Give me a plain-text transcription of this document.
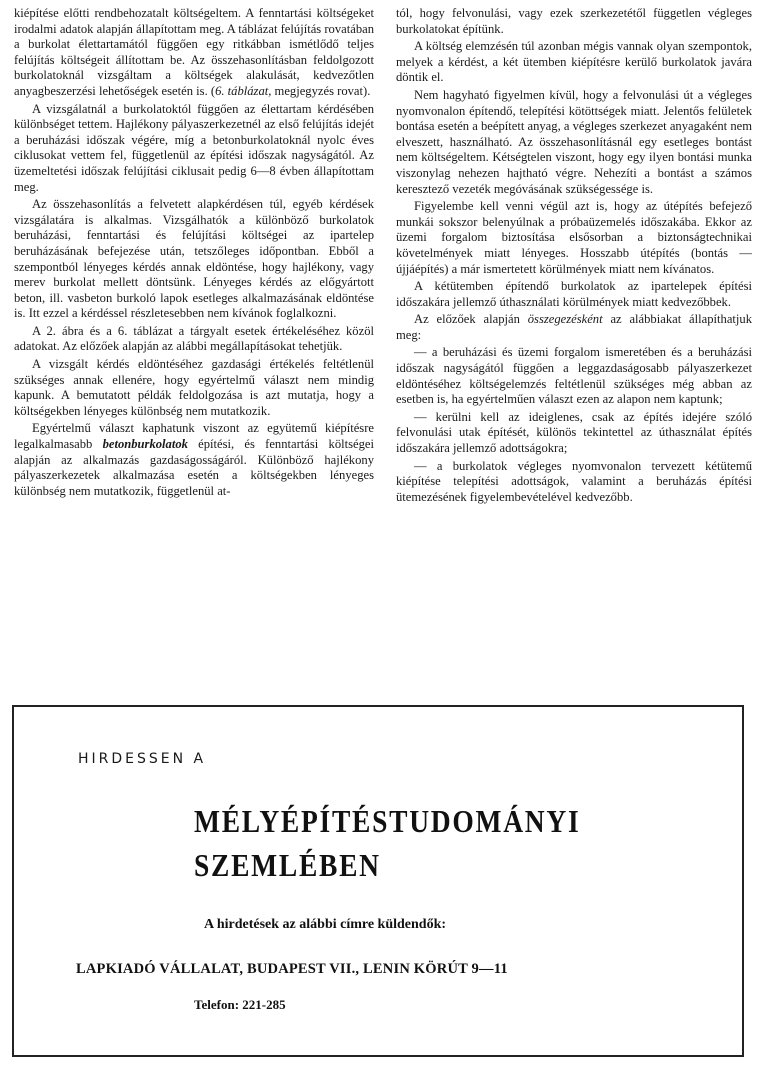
kiépítése előtti rendbehozatalt költségeltem. A fenntartási költségeket irodalmi adatok alapján állapítottam meg. A táblázat felújítás rovatában a burkolat élettartamától függően egy ritkábban ismétlődő teljes felújítás költségeit állítottam be. Az összehasonlításban feldolgozott burkolatoknál vizsgáltam a költségek alakulását, kedvezőtlen anyagbeszerzési lehetőségek esetén is. (6. táblázat, megjegyzés rovat).

A vizsgálatnál a burkolatoktól függően az élettartam kérdésében különbséget tettem. Hajlékony pályaszerkezetnél az első felújítás idejét a beruházási időszak végére, míg a betonburkolatoknál nyolc éves ciklusokat vettem fel, függetlenül az építési időszak nagyságától. Az üzemeltetési időszak felújítási ciklusait pedig 6—8 évben állapítottam meg.

Az összehasonlítás a felvetett alapkérdésen túl, egyéb kérdések vizsgálatára is alkalmas. Vizsgálhatók a különböző burkolatok beruházási, fenntartási és felújítási költségei az ipartelep beruházásának befejezése után, tetszőleges időpontban. Ebből a szempontból lényeges kérdés annak eldöntése, hogy hajlékony, vagy merev burkolat mellett döntsünk. Lényeges kérdés az előgyártott beton, ill. vasbeton burkoló lapok esetleges alkalmazásának eldöntése is. Itt ezzel a kérdéssel részletesebben nem kívánok foglalkozni.

A 2. ábra és a 6. táblázat a tárgyalt esetek értékeléséhez közöl adatokat. Az előzőek alapján az alábbi megállapításokat tehetjük.

A vizsgált kérdés eldöntéséhez gazdasági értékelés feltétlenül szükséges annak ellenére, hogy egyértelmű választ nem mindig kapunk. A bemutatott példák feldolgozása is azt mutatja, hogy a költségekben lényeges különbség nem mutatkozik.

Egyértelmű választ kaphatunk viszont az együtemű kiépítésre legalkalmasabb betonburkolatok építési, és fenntartási költségei alapján az alkalmazás gazdaságosságáról. Különböző hajlékony pályaszerkezetek alkalmazása esetén a költségekben lényeges különbség nem mutatkozik, függetlenül at-

tól, hogy felvonulási, vagy ezek szerkezetétől független végleges burkolatokat építünk.

A költség elemzésén túl azonban mégis vannak olyan szempontok, melyek a kérdést, a két ütemben kiépítésre kerülő burkolatok javára döntik el.

Nem hagyható figyelmen kívül, hogy a felvonulási út a végleges nyomvonalon építendő, telepítési kötöttségek miatt. Jelentős felületek bontása esetén a beépített anyag, a végleges szerkezet anyagaként nem elveszett, használható. Az összehasonlításnál egy esetleges bontást nem költségeltem. Kétségtelen viszont, hogy egy ilyen bontási munka viszonylag nehezen hajtható végre. Nehezíti a bontást a számos keresztező vezeték megóvásának szükségessége is.

Figyelembe kell venni végül azt is, hogy az útépítés befejező munkái sokszor belenyúlnak a próbaüzemelés időszakába. Ekkor az üzemi forgalom biztosítása elsősorban a biztonságtechnikai követelmények miatt lényeges. Hosszabb útépítés (bontás — újjáépítés) a már ismertetett körülmények miatt nem kívánatos.

A kétütemben építendő burkolatok az ipartelepek építési időszakára jellemző úthasználati körülmények miatt kedvezőbbek.

Az előzőek alapján összegezésként az alábbiakat állapíthatjuk meg:

— a beruházási és üzemi forgalom ismeretében és a beruházási időszak nagyságától függően a leggazdaságosabb pályaszerkezet eldöntéséhez költségelemzés feltétlenül szükséges még abban az esetben is, ha egyértelműen választ ezen az alapon nem kaptunk;

— kerülni kell az ideiglenes, csak az építés idejére szóló felvonulási utak építését, különös tekintettel az úthasználat építés időszakára jellemző adottságokra;

— a burkolatok végleges nyomvonalon tervezett kétütemű kiépítése telepítési adottságok, valamint a beruházás építési ütemezésének figyelembevételével kedvezőbb.

HIRDESSEN A
MÉLYÉPÍTÉSTUDOMÁNYI
SZEMLÉBEN
A hirdetések az alábbi címre küldendők:
LAPKIADÓ VÁLLALAT, BUDAPEST VII., LENIN KÖRÚT 9—11
Telefon: 221-285
